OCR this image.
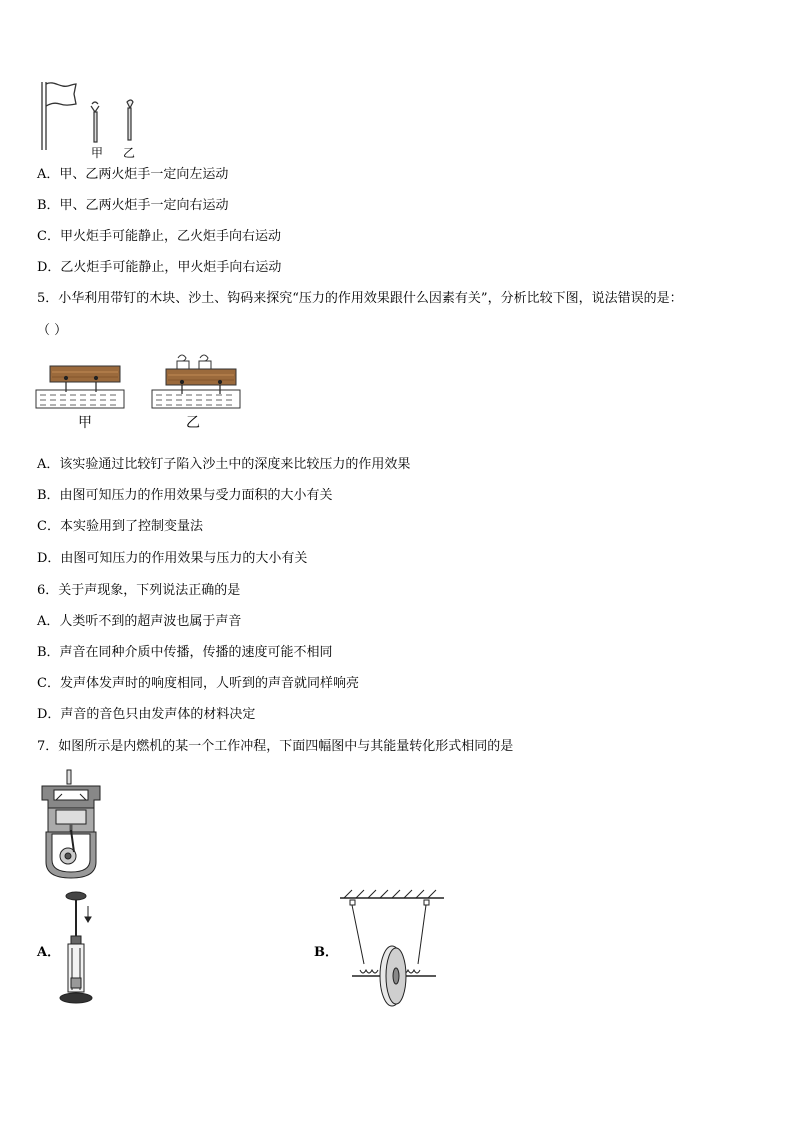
甲 乙
A．甲、乙两火炬手一定向左运动
B．甲、乙两火炬手一定向右运动
C．甲火炬手可能静止，乙火炬手向右运动
D．乙火炬手可能静止，甲火炬手向右运动
5．小华利用带钉的木块、沙土、钩码来探究“压力的作用效果跟什么因素有关”，分析比较下图，说法错误的是：
（ ）
甲	乙
A．该实验通过比较钉子陷入沙土中的深度来比较压力的作用效果
B．由图可知压力的作用效果与受力面积的大小有关
C．本实验用到了控制变量法
D．由图可知压力的作用效果与压力的大小有关
6．关于声现象，下列说法正确的是
A．人类听不到的超声波也属于声音
B．声音在同种介质中传播，传播的速度可能不相同
C．发声体发声时的响度相同，人听到的声音就同样响亮
D．声音的音色只由发声体的材料决定
7．如图所示是内燃机的某一个工作冲程，下面四幅图中与其能量转化形式相同的是
A．	B．
